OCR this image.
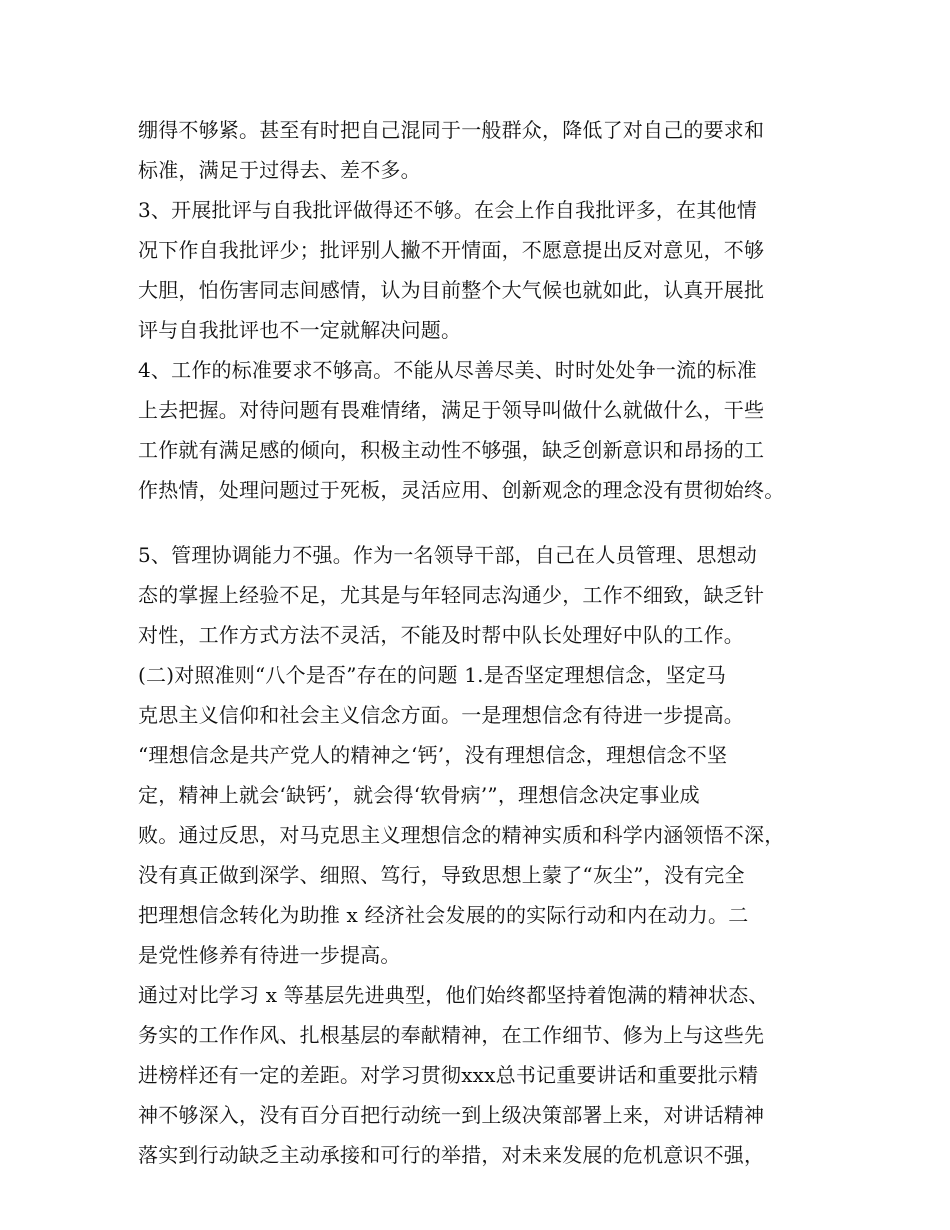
绷得不够紧。甚至有时把自己混同于一般群众，降低了对自己的要求和
标准，满足于过得去、差不多。
3、开展批评与自我批评做得还不够。在会上作自我批评多，在其他情
况下作自我批评少；批评别人撇不开情面，不愿意提出反对意见，不够
大胆，怕伤害同志间感情，认为目前整个大气候也就如此，认真开展批
评与自我批评也不一定就解决问题。
4、工作的标准要求不够高。不能从尽善尽美、时时处处争一流的标准
上去把握。对待问题有畏难情绪，满足于领导叫做什么就做什么，干些
工作就有满足感的倾向，积极主动性不够强，缺乏创新意识和昂扬的工
作热情，处理问题过于死板，灵活应用、创新观念的理念没有贯彻始终。
5、管理协调能力不强。作为一名领导干部，自己在人员管理、思想动
态的掌握上经验不足，尤其是与年轻同志沟通少，工作不细致，缺乏针
对性，工作方式方法不灵活，不能及时帮中队长处理好中队的工作。
(二)对照准则“八个是否”存在的问题 1.是否坚定理想信念，坚定马
克思主义信仰和社会主义信念方面。一是理想信念有待进一步提高。
“理想信念是共产党人的精神之‘钙’，没有理想信念，理想信念不坚
定，精神上就会‘缺钙’，就会得‘软骨病’”，理想信念决定事业成
败。通过反思，对马克思主义理想信念的精神实质和科学内涵领悟不深，
没有真正做到深学、细照、笃行，导致思想上蒙了“灰尘”，没有完全
把理想信念转化为助推 x 经济社会发展的的实际行动和内在动力。二
是党性修养有待进一步提高。
通过对比学习 x 等基层先进典型，他们始终都坚持着饱满的精神状态、
务实的工作作风、扎根基层的奉献精神，在工作细节、修为上与这些先
进榜样还有一定的差距。对学习贯彻xxx总书记重要讲话和重要批示精
神不够深入，没有百分百把行动统一到上级决策部署上来，对讲话精神
落实到行动缺乏主动承接和可行的举措，对未来发展的危机意识不强，
